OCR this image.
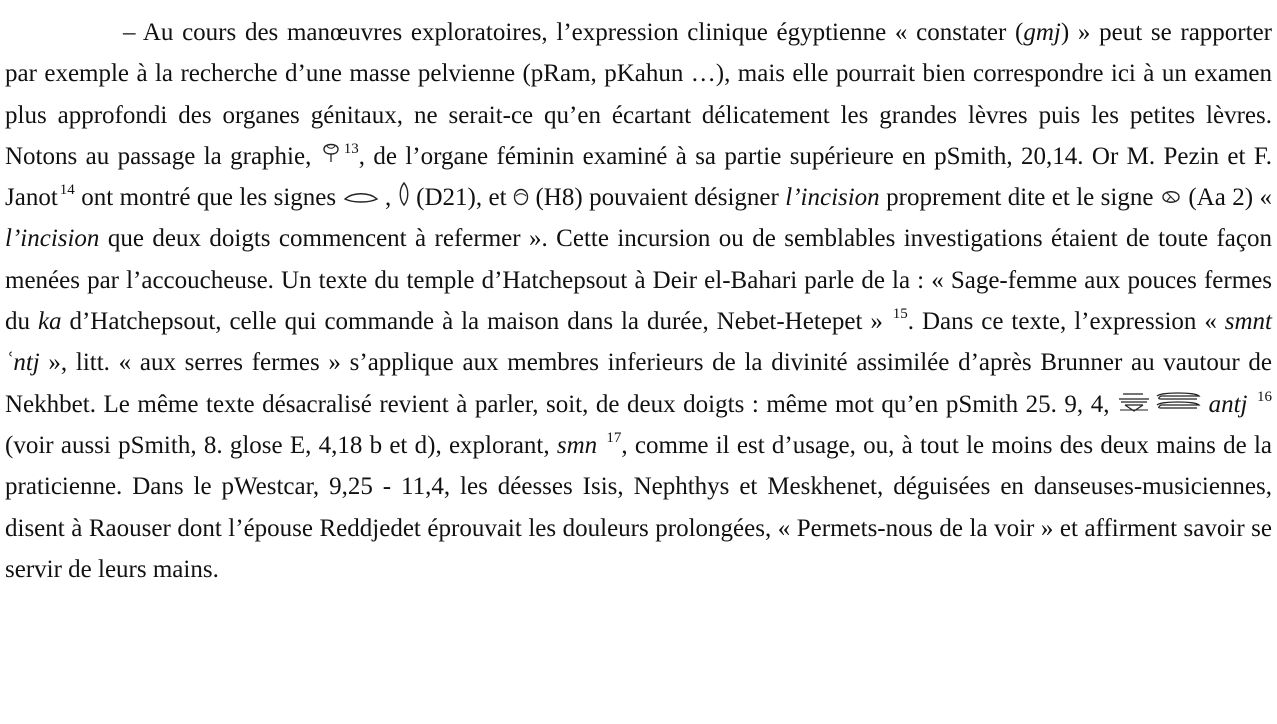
– Au cours des manœuvres exploratoires, l’expression clinique égyptienne « constater (gmj) » peut se rapporter par exemple à la recherche d’une masse pelvienne (pRam, pKahun …), mais elle pourrait bien correspondre ici à un examen plus approfondi des organes génitaux, ne serait-ce qu’en écartant délicatement les grandes lèvres puis les petites lèvres. Notons au passage la graphie,
$^{13}$, de l’organe féminin examiné à sa partie supérieure en pSmith, 20,14. Or M. Pezin et F. Janot $^{14}$ ont montré que les signes
,
(D21), et
(H8) pouvaient désigner l’incision proprement dite et le signe
(Aa 2) « l’incision que deux doigts commencent à refermer ». Cette incursion ou de semblables investigations étaient de toute façon menées par l’accoucheuse. Un texte du temple d’Hatchepsout à Deir el-Bahari parle de la : « Sage-femme aux pouces fermes du ka d’Hatchepsout, celle qui commande à la maison dans la durée, Nebet-Hetepet » $^{15}$. Dans ce texte, l’expression « smnt ʿntj », litt. « aux serres fermes » s’applique aux membres inferieurs de la divinité assimilée d’après Brunner au vautour de Nekhbet. Le même texte désacralisé revient à parler, soit, de deux doigts : même mot qu’en pSmith 25. 9, 4,	antj $^{16}$ (voir aussi pSmith, 8. glose E, 4,18 b et d), explorant, smn $^{17}$, comme il est d’usage, ou, à tout le moins des deux mains de la praticienne. Dans le pWestcar, 9,25 - 11,4, les déesses Isis, Nephthys et Meskhenet, déguisées en danseuses-musiciennes, disent à Raouser dont l’épouse Reddjedet éprouvait les douleurs prolongées, « Permets-nous de la voir » et affirment savoir se servir de leurs mains.
